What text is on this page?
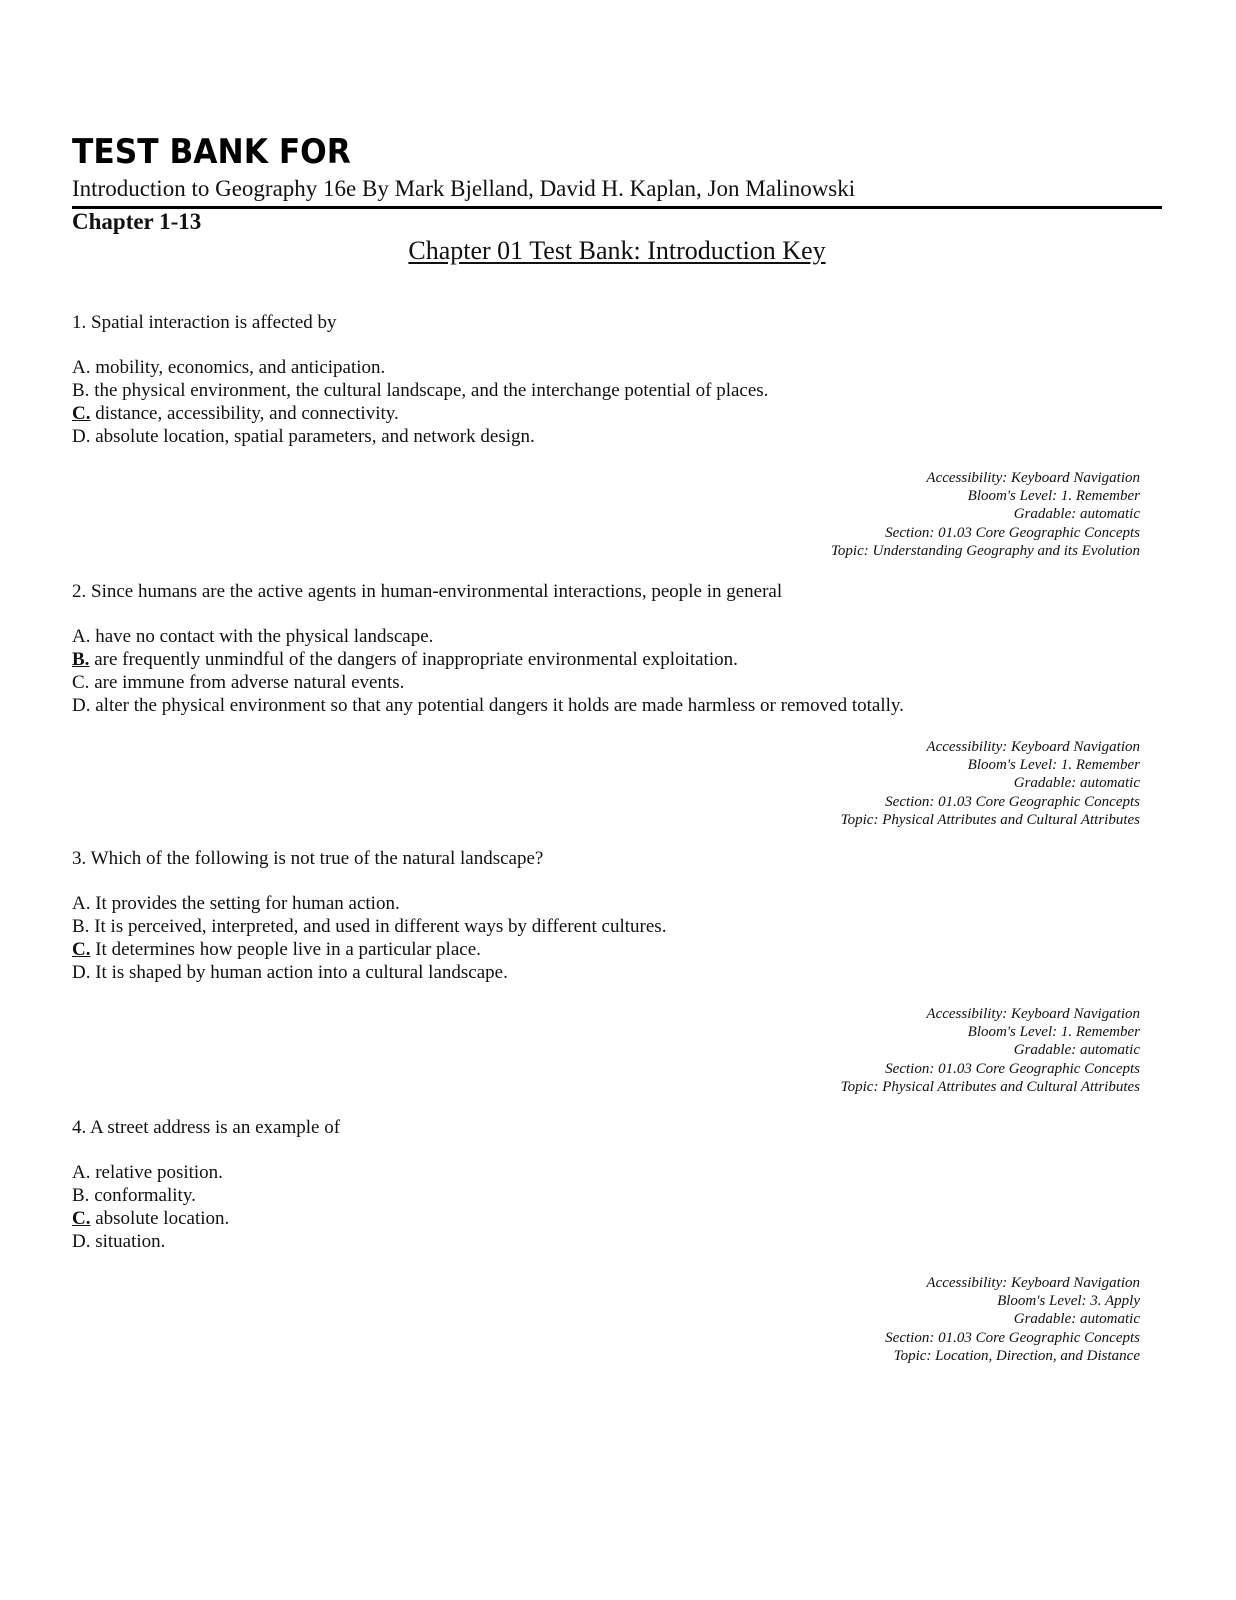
TEST BANK FOR
Introduction to Geography 16e By Mark Bjelland, David H. Kaplan, Jon Malinowski
Chapter 1-13
Chapter 01 Test Bank: Introduction Key
1. Spatial interaction is affected by
A. mobility, economics, and anticipation.
B. the physical environment, the cultural landscape, and the interchange potential of places.
C. distance, accessibility, and connectivity.
D. absolute location, spatial parameters, and network design.
Accessibility: Keyboard Navigation
Bloom's Level: 1. Remember
Gradable: automatic
Section: 01.03 Core Geographic Concepts
Topic: Understanding Geography and its Evolution
2. Since humans are the active agents in human-environmental interactions, people in general
A. have no contact with the physical landscape.
B. are frequently unmindful of the dangers of inappropriate environmental exploitation.
C. are immune from adverse natural events.
D. alter the physical environment so that any potential dangers it holds are made harmless or removed totally.
Accessibility: Keyboard Navigation
Bloom's Level: 1. Remember
Gradable: automatic
Section: 01.03 Core Geographic Concepts
Topic: Physical Attributes and Cultural Attributes
3. Which of the following is not true of the natural landscape?
A. It provides the setting for human action.
B. It is perceived, interpreted, and used in different ways by different cultures.
C. It determines how people live in a particular place.
D. It is shaped by human action into a cultural landscape.
Accessibility: Keyboard Navigation
Bloom's Level: 1. Remember
Gradable: automatic
Section: 01.03 Core Geographic Concepts
Topic: Physical Attributes and Cultural Attributes
4. A street address is an example of
A. relative position.
B. conformality.
C. absolute location.
D. situation.
Accessibility: Keyboard Navigation
Bloom's Level: 3. Apply
Gradable: automatic
Section: 01.03 Core Geographic Concepts
Topic: Location, Direction, and Distance
